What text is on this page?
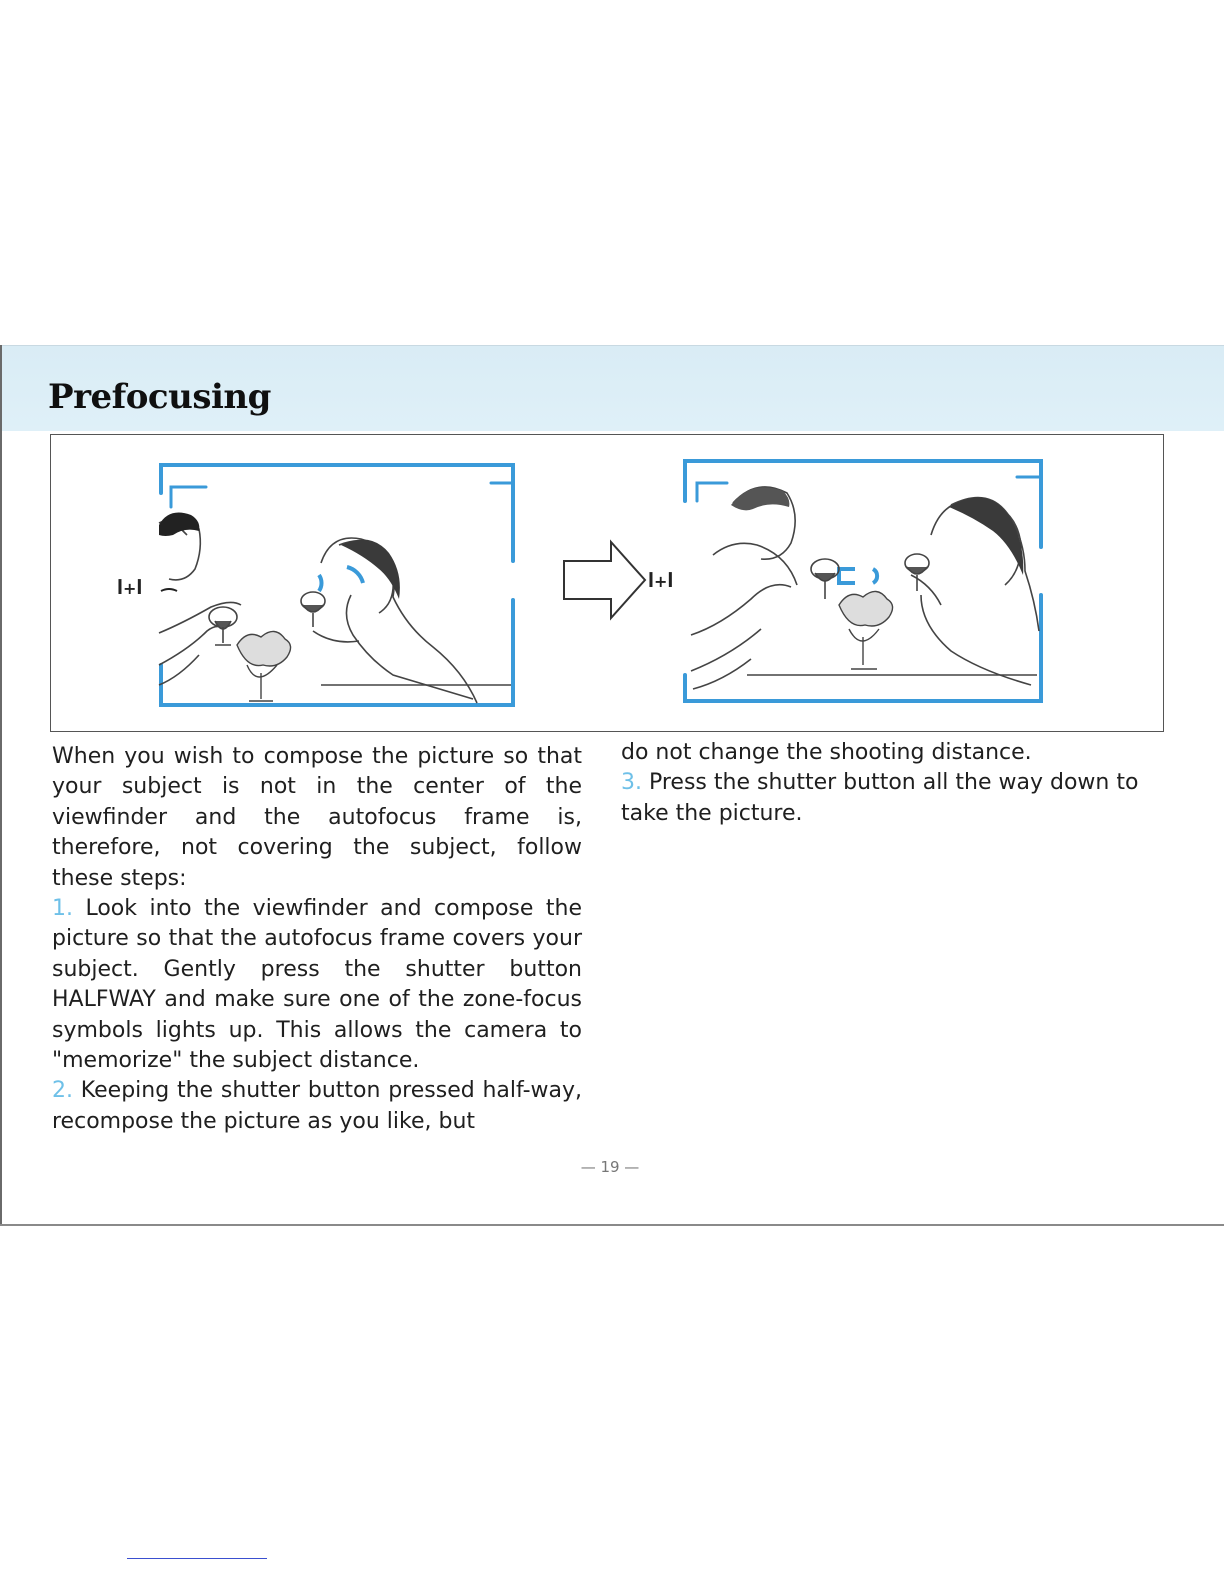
Prefocusing
ꟾ+ꟾ	ꟾ+ꟾ

When you wish to compose the picture so that your subject is not in the center of the viewfinder and the autofocus frame is, therefore, not covering the subject, follow these steps:

1. Look into the viewfinder and compose the picture so that the autofocus frame covers your subject. Gently press the shutter button HALFWAY and make sure one of the zone-focus symbols lights up. This allows the camera to "memorize" the subject distance.

2. Keeping the shutter button pressed half-way, recompose the picture as you like, but

do not change the shooting distance.

3. Press the shutter button all the way down to take the picture.

— 19 —
